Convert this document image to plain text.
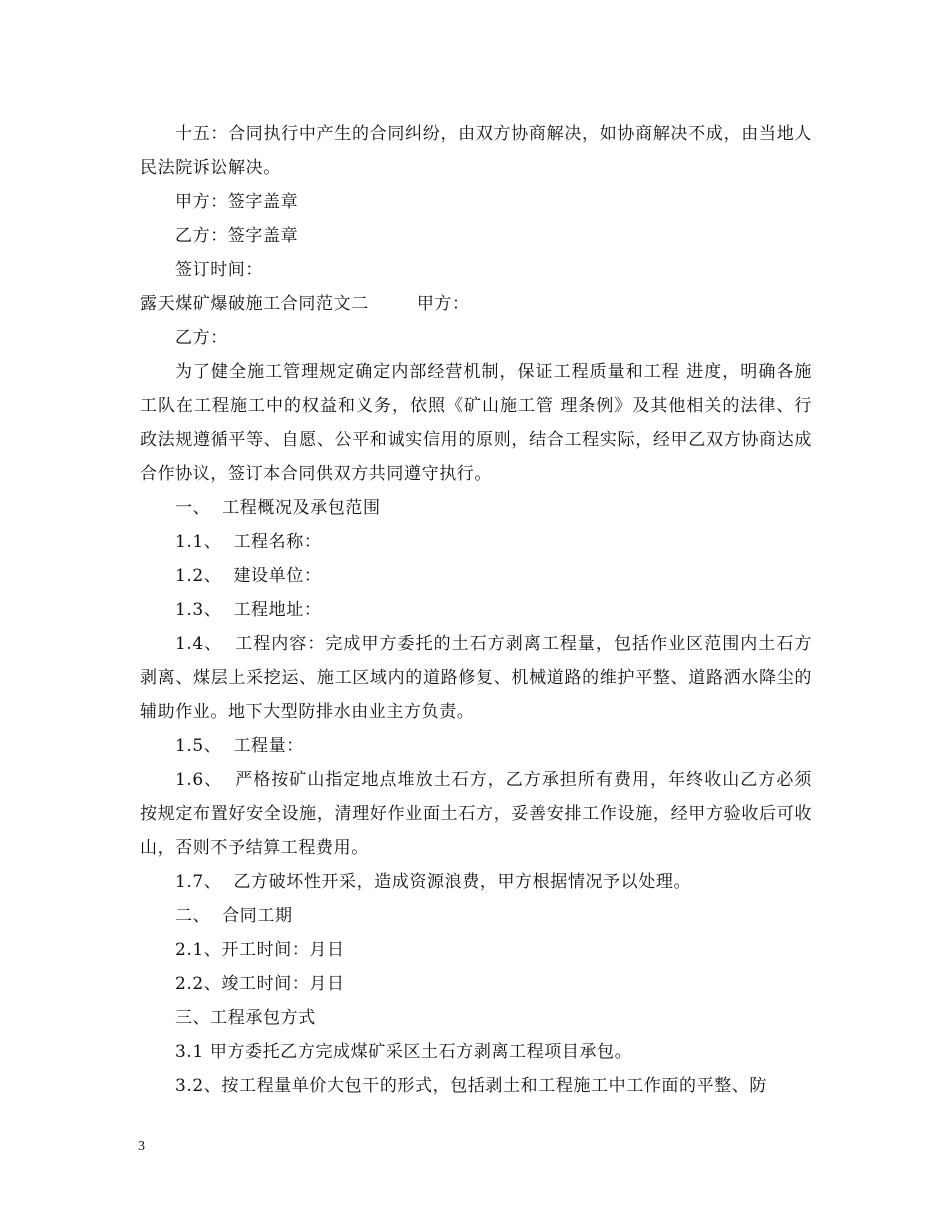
十五：合同执行中产生的合同纠纷，由双方协商解决，如协商解决不成，由当地人民法院诉讼解决。

甲方：签字盖章

乙方：签字盖章

签订时间：

露天煤矿爆破施工合同范文二        甲方：

乙方：

为了健全施工管理规定确定内部经营机制，保证工程质量和工程 进度，明确各施工队在工程施工中的权益和义务，依照《矿山施工管 理条例》及其他相关的法律、行政法规遵循平等、自愿、公平和诚实信用的原则，结合工程实际，经甲乙双方协商达成合作协议，签订本合同供双方共同遵守执行。

一、  工程概况及承包范围

1.1、  工程名称：

1.2、  建设单位：

1.3、  工程地址：

1.4、  工程内容：完成甲方委托的土石方剥离工程量，包括作业区范围内土石方剥离、煤层上采挖运、施工区域内的道路修复、机械道路的维护平整、道路洒水降尘的辅助作业。地下大型防排水由业主方负责。

1.5、  工程量：

1.6、  严格按矿山指定地点堆放土石方，乙方承担所有费用，年终收山乙方必须按规定布置好安全设施，清理好作业面土石方，妥善安排工作设施，经甲方验收后可收山，否则不予结算工程费用。

1.7、  乙方破坏性开采，造成资源浪费，甲方根据情况予以处理。

二、  合同工期

2.1、开工时间：月日

2.2、竣工时间：月日

三、工程承包方式

3.1 甲方委托乙方完成煤矿采区土石方剥离工程项目承包。

3.2、按工程量单价大包干的形式，包括剥土和工程施工中工作面的平整、防

3
